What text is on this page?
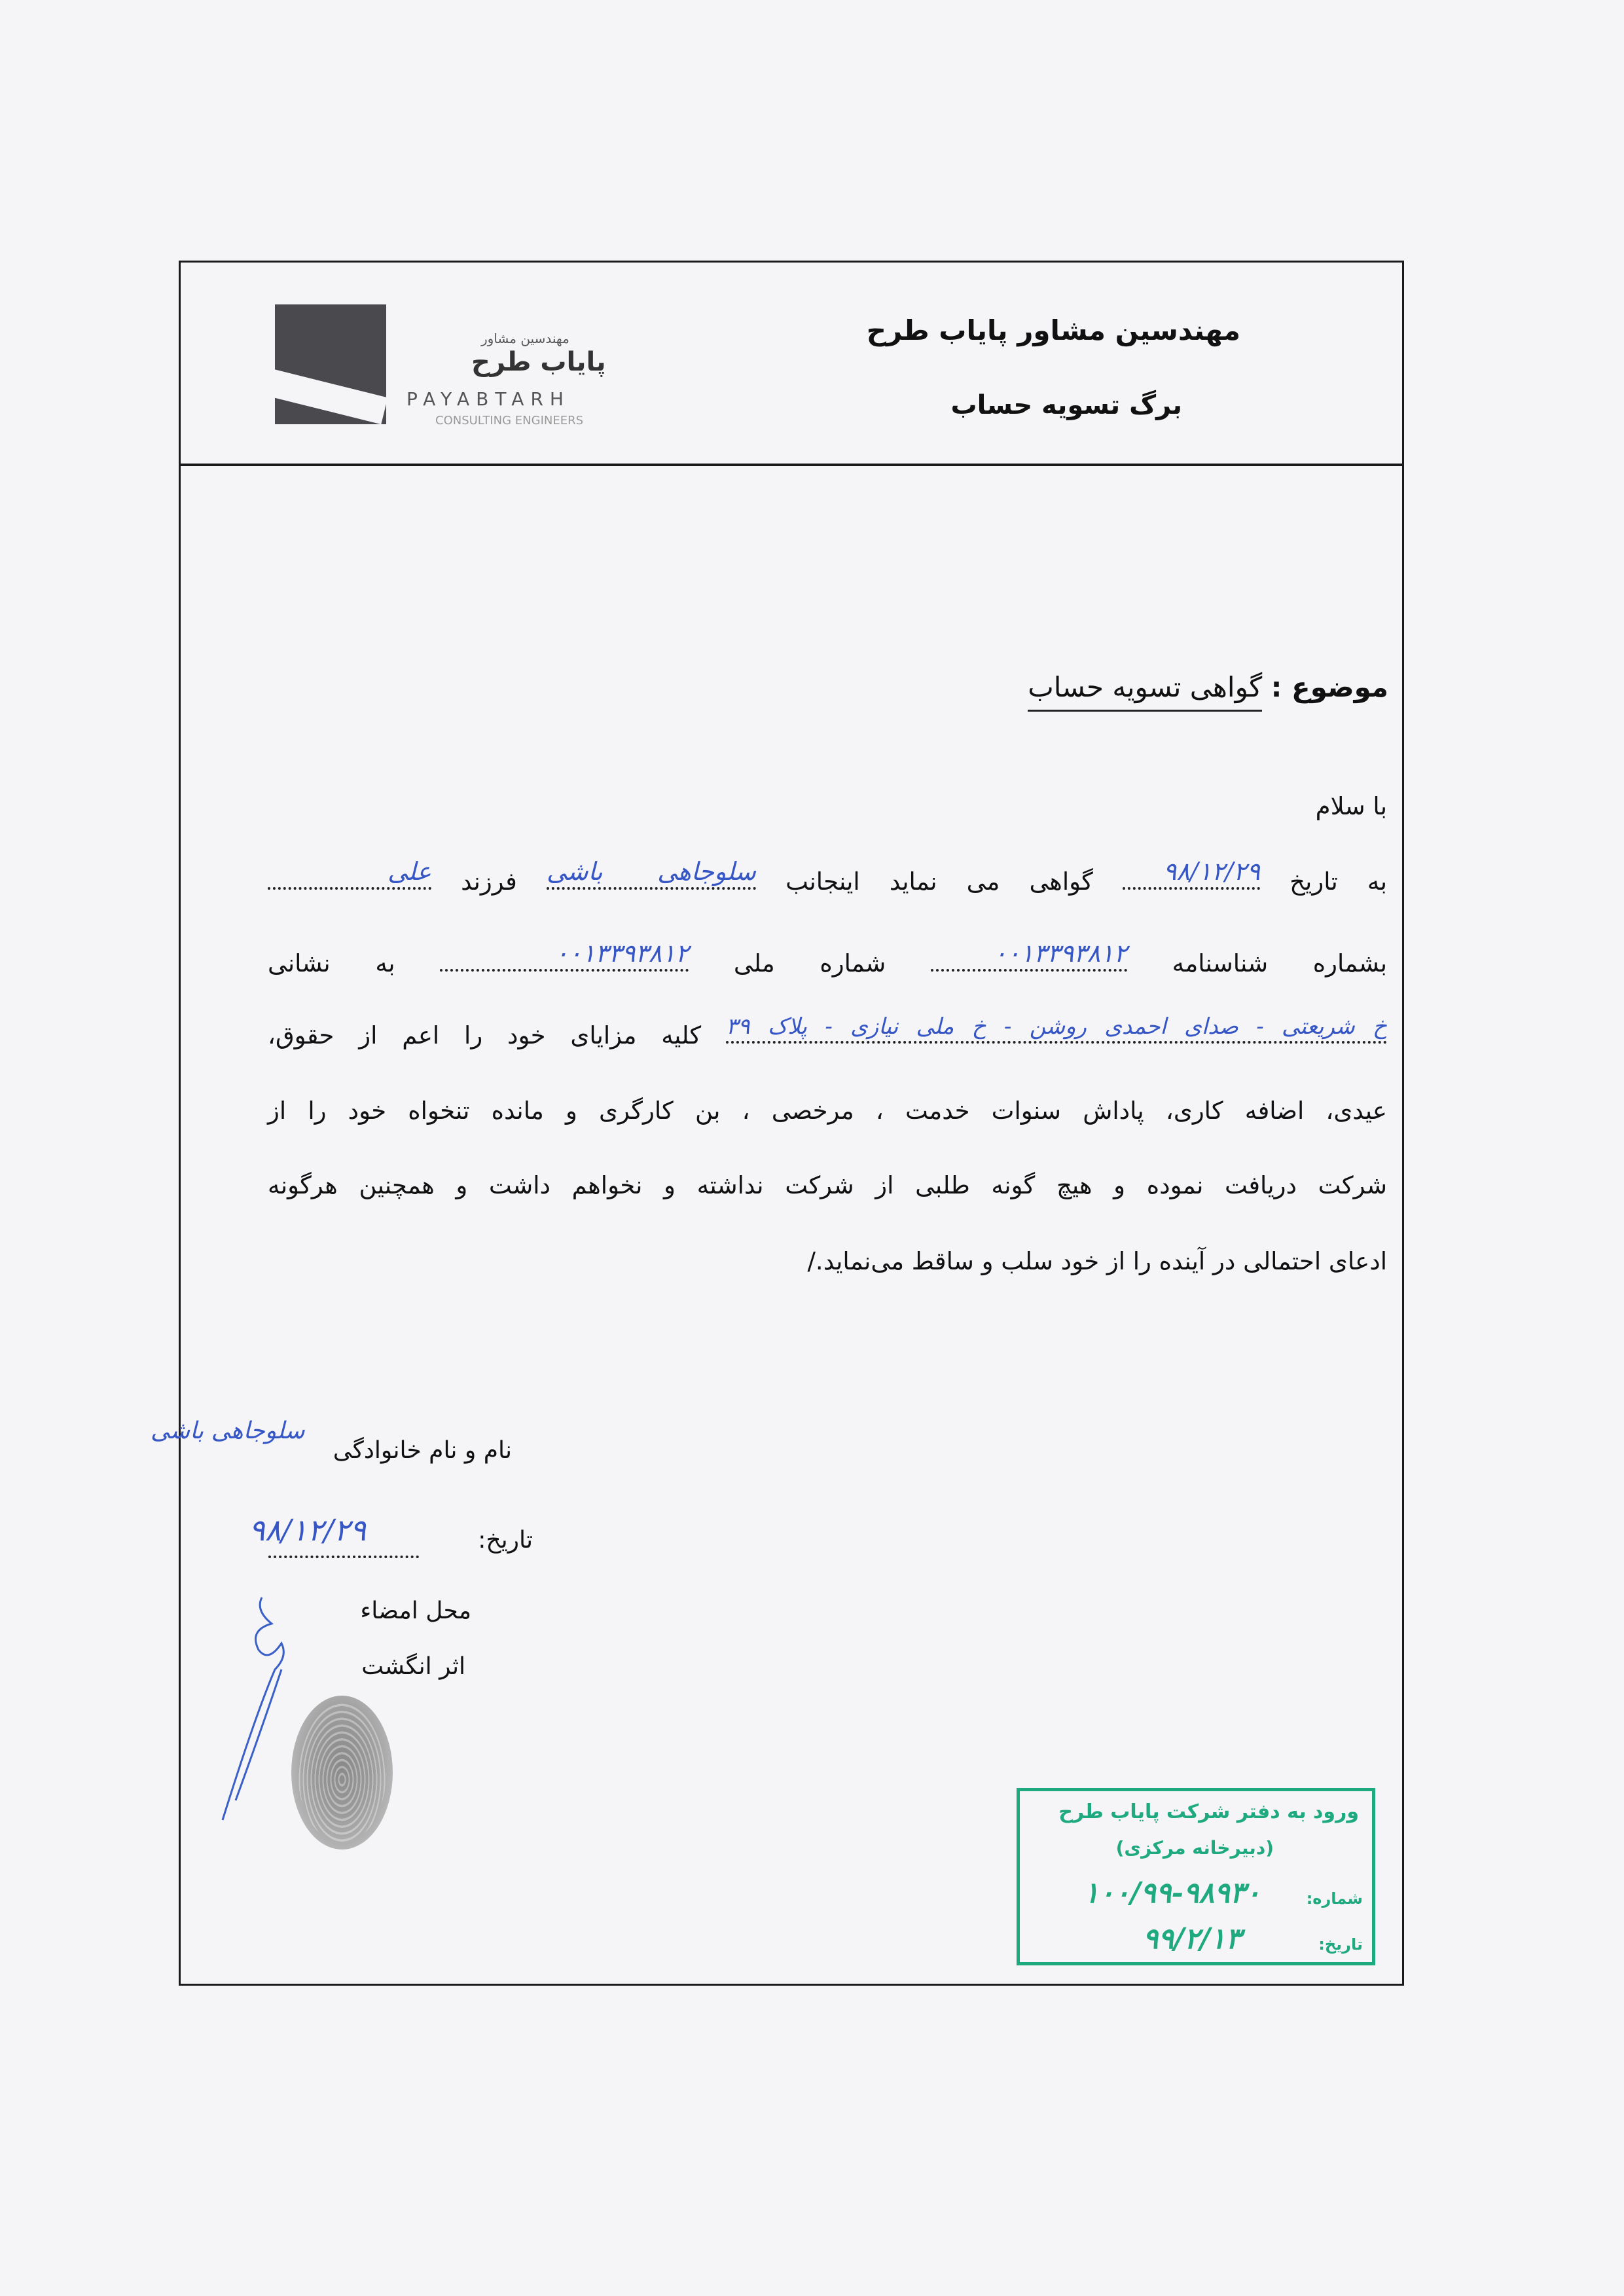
مهندسین مشاور
پایاب طرح
PAYABTARH
CONSULTING ENGINEERS
مهندسین مشاور پایاب طرح
برگ تسویه حساب
موضوع : گواهی تسویه حساب
با سلام
به تاریخ
۹۸/۱۲/۲۹
گواهی می نماید اینجانب
سلوجاهی باشی
فرزند
علی
بشماره شناسنامه
۰۰۱۳۳۹۳۸۱۲
شماره ملی
۰۰۱۳۳۹۳۸۱۲
به نشانی
خ شریعتی - صدای احمدی روشن - خ ملی نیازی - پلاک ۳۹
کلیه مزایای خود را اعم از حقوق،
عیدی، اضافه کاری، پاداش سنوات خدمت ، مرخصی ، بن کارگری و مانده تنخواه خود را از
شرکت دریافت نموده و هیچ گونه طلبی از شرکت نداشته و نخواهم داشت و همچنین هرگونه
ادعای احتمالی در آینده را از خود سلب و ساقط می‌نماید./
نام و نام خانوادگی
سلوجاهی باشی
تاریخ:
۹۸/۱۲/۲۹
محل امضاء
اثر انگشت
ورود به دفتر شرکت پایاب طرح
(دبیرخانه مرکزی)
شماره:
۱۰۰/۹۹-۹۸۹۳۰
تاریخ:
۹۹/۲/۱۳
